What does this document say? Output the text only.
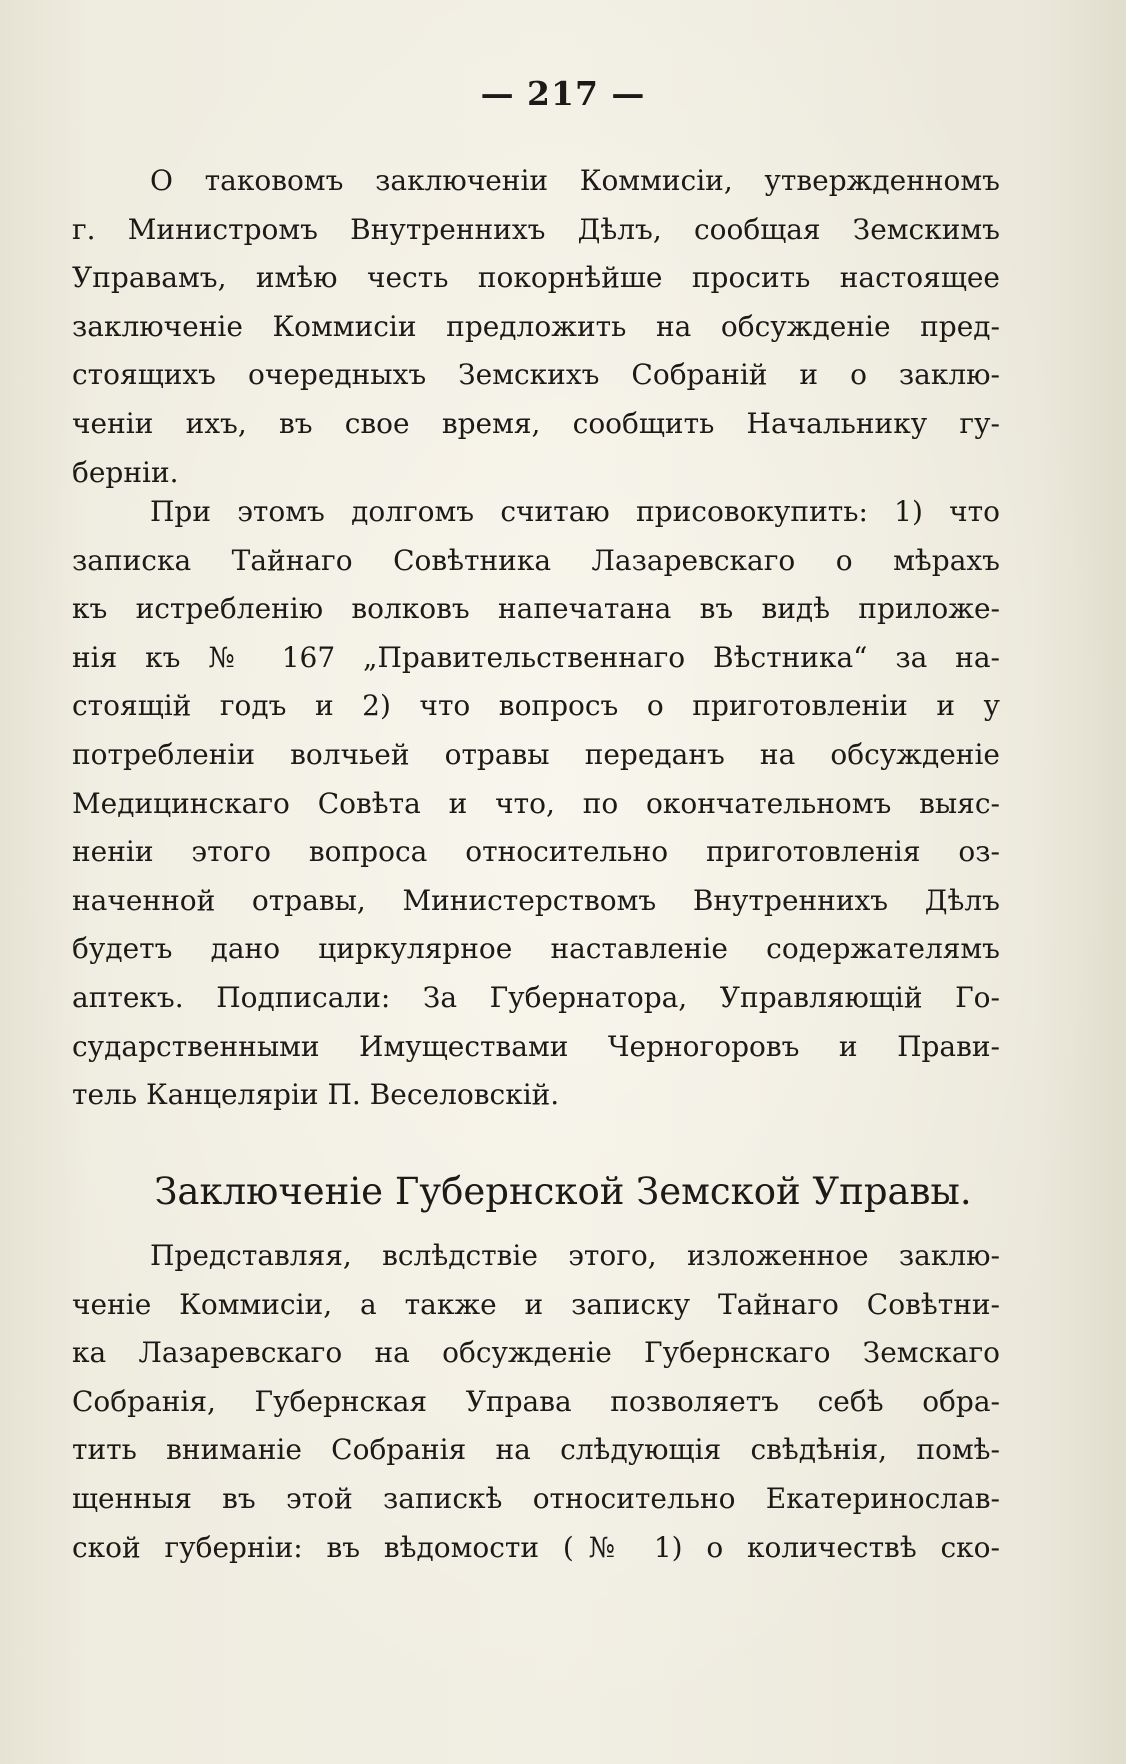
— 217 —
О таковомъ заключеніи Коммисіи, утвержденномъ
г. Министромъ Внутреннихъ Дѣлъ, сообщая Земскимъ
Управамъ, имѣю честь покорнѣйше просить настоящее
заключеніе Коммисіи предложить на обсужденіе пред-
стоящихъ очередныхъ Земскихъ Собраній и о заклю-
ченіи ихъ, въ свое время, сообщить Начальнику гу-
берніи.
При этомъ долгомъ считаю присовокупить: 1) что
записка Тайнаго Совѣтника Лазаревскаго о мѣрахъ
къ истребленію волковъ напечатана въ видѣ приложе-
нія къ № 167 „Правительственнаго Вѣстника“ за на-
стоящій годъ и 2) что вопросъ о приготовленіи и у
потребленіи волчьей отравы переданъ на обсужденіе
Медицинскаго Совѣта и что, по окончательномъ выяс-
неніи этого вопроса относительно приготовленія оз-
наченной отравы, Министерствомъ Внутреннихъ Дѣлъ
будетъ дано циркулярное наставленіе содержателямъ
аптекъ. Подписали: За Губернатора, Управляющій Го-
сударственными Имуществами Черногоровъ и Прави-
тель Канцеляріи П. Веселовскій.
Заключеніе Губернской Земской Управы.
Представляя, вслѣдствіе этого, изложенное заклю-
ченіе Коммисіи, а также и записку Тайнаго Совѣтни-
ка Лазаревскаго на обсужденіе Губернскаго Земскаго
Собранія, Губернская Управа позволяетъ себѣ обра-
тить вниманіе Собранія на слѣдующія свѣдѣнія, помѣ-
щенныя въ этой запискѣ относительно Екатеринослав-
ской губерніи: въ вѣдомости (№ 1) о количествѣ ско-
